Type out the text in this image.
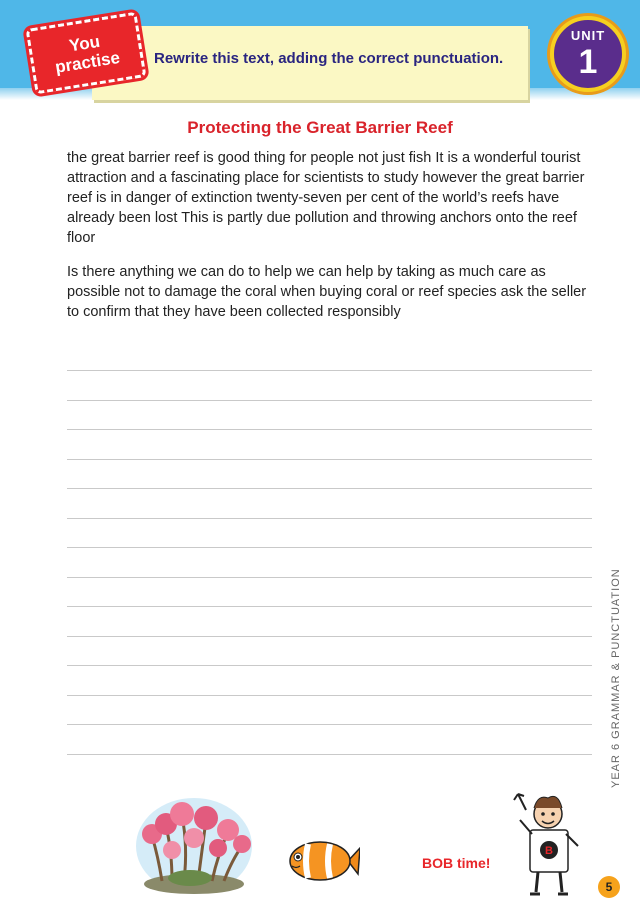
Rewrite this text, adding the correct punctuation.
You practise
UNIT
1
Protecting the Great Barrier Reef
the great barrier reef is good thing for people not just fish It is a wonderful tourist attraction and a fascinating place for scientists to study however the great barrier reef is in danger of extinction twenty-seven per cent of the world’s reefs have already been lost This is partly due pollution and throwing anchors onto the reef floor
Is there anything we can do to help we can help by taking as much care as possible not to damage the coral when buying coral or reef species ask the seller to confirm that they have been collected responsibly
BOB time!
B
YEAR 6 GRAMMAR & PUNCTUATION
5
